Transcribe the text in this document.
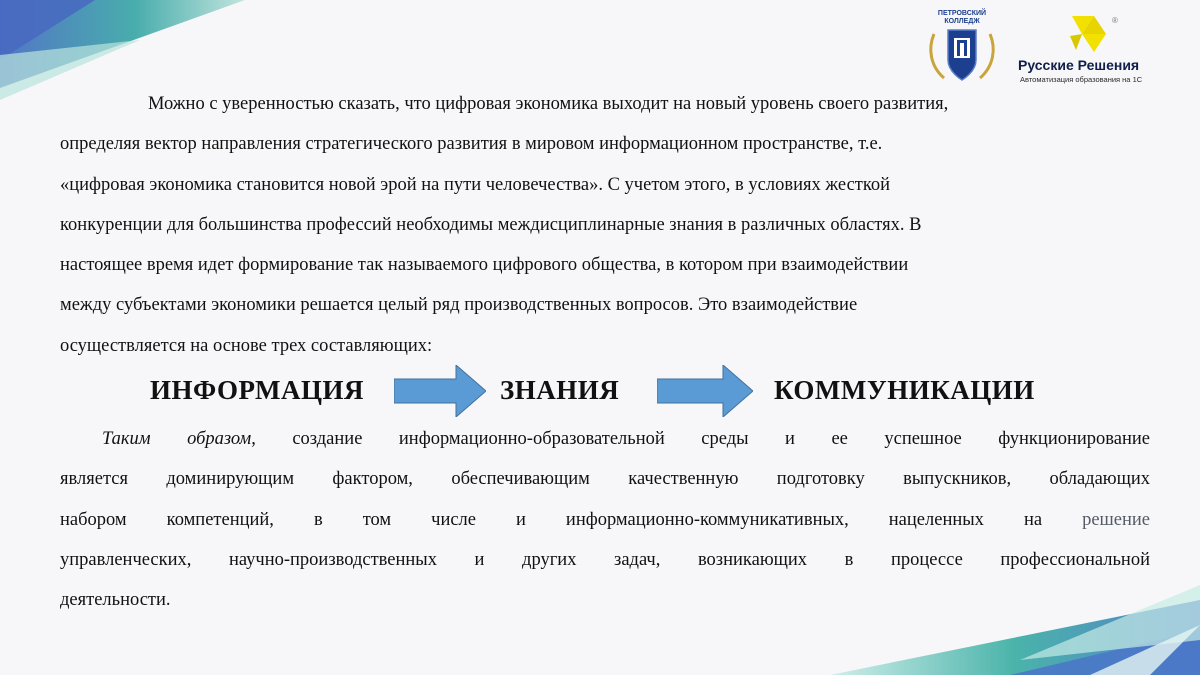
ПЕТРОВСКИЙ
КОЛЛЕДЖ	®
Русские Решения
Автоматизация образования на 1С
Можно с уверенностью сказать, что цифровая экономика выходит на новый уровень своего развития,
определяя вектор направления стратегического развития в мировом информационном пространстве, т.е.
«цифровая экономика становится новой эрой на пути человечества». С учетом этого, в условиях жесткой
конкуренции для большинства профессий необходимы междисциплинарные знания в различных областях. В
настоящее время идет формирование так называемого цифрового общества, в котором при взаимодействии
между субъектами экономики решается целый ряд производственных вопросов. Это взаимодействие
осуществляется на основе трех составляющих:
ИНФОРМАЦИЯ	ЗНАНИЯ	КОММУНИКАЦИИ
Таким образом, создание информационно-образовательной среды и ее успешное функционирование
является доминирующим фактором, обеспечивающим качественную подготовку выпускников, обладающих
набором компетенций, в том числе и информационно-коммуникативных, нацеленных на решение
управленческих, научно-производственных и других задач, возникающих в процессе профессиональной
деятельности.
